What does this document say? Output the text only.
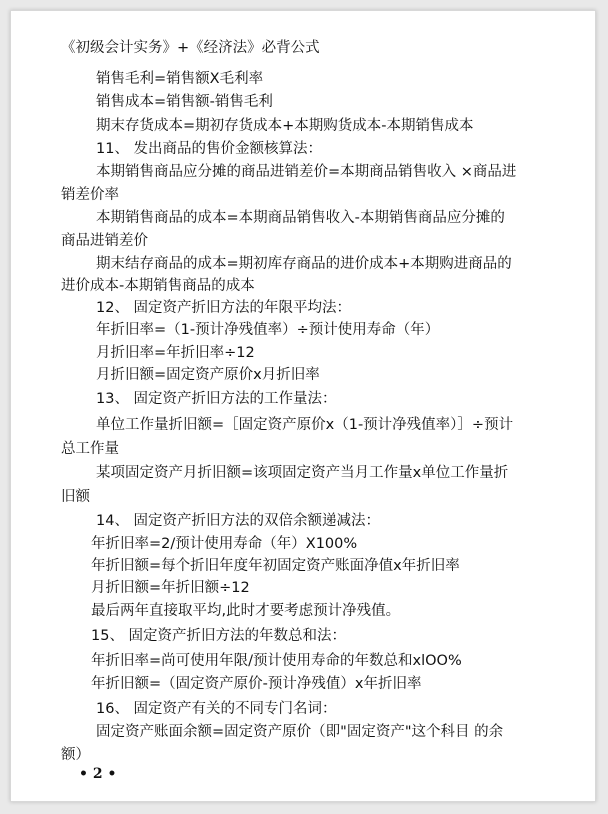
《初级会计实务》+《经济法》必背公式
销售毛利=销售额X毛利率
销售成本=销售额-销售毛利
期末存货成本=期初存货成本+本期购货成本-本期销售成本
11、 发出商品的售价金额核算法：
本期销售商品应分摊的商品进销差价=本期商品销售收入 ×商品进
销差价率
本期销售商品的成本=本期商品销售收入-本期销售商品应分摊的
商品进销差价
期末结存商品的成本=期初库存商品的进价成本+本期购进商品的
进价成本-本期销售商品的成本
12、 固定资产折旧方法的年限平均法：
年折旧率=（1-预计净残值率）÷预计使用寿命（年）
月折旧率=年折旧率÷12
月折旧额=固定资产原价x月折旧率
13、 固定资产折旧方法的工作量法：
单位工作量折旧额=［固定资产原价x（1-预计净残值率）］÷预计
总工作量
某项固定资产月折旧额=该项固定资产当月工作量x单位工作量折
旧额
14、 固定资产折旧方法的双倍余额递减法：
年折旧率=2/预计使用寿命（年）X100%
年折旧额=每个折旧年度年初固定资产账面净值x年折旧率
月折旧额=年折旧额÷12
最后两年直接取平均,此时才要考虑预计净残值。
15、 固定资产折旧方法的年数总和法：
年折旧率=尚可使用年限/预计使用寿命的年数总和xlOO%
年折旧额=（固定资产原价-预计净残值）x年折旧率
16、 固定资产有关的不同专门名词：
固定资产账面余额=固定资产原价（即"固定资产"这个科目 的余
额）
• 2 •
